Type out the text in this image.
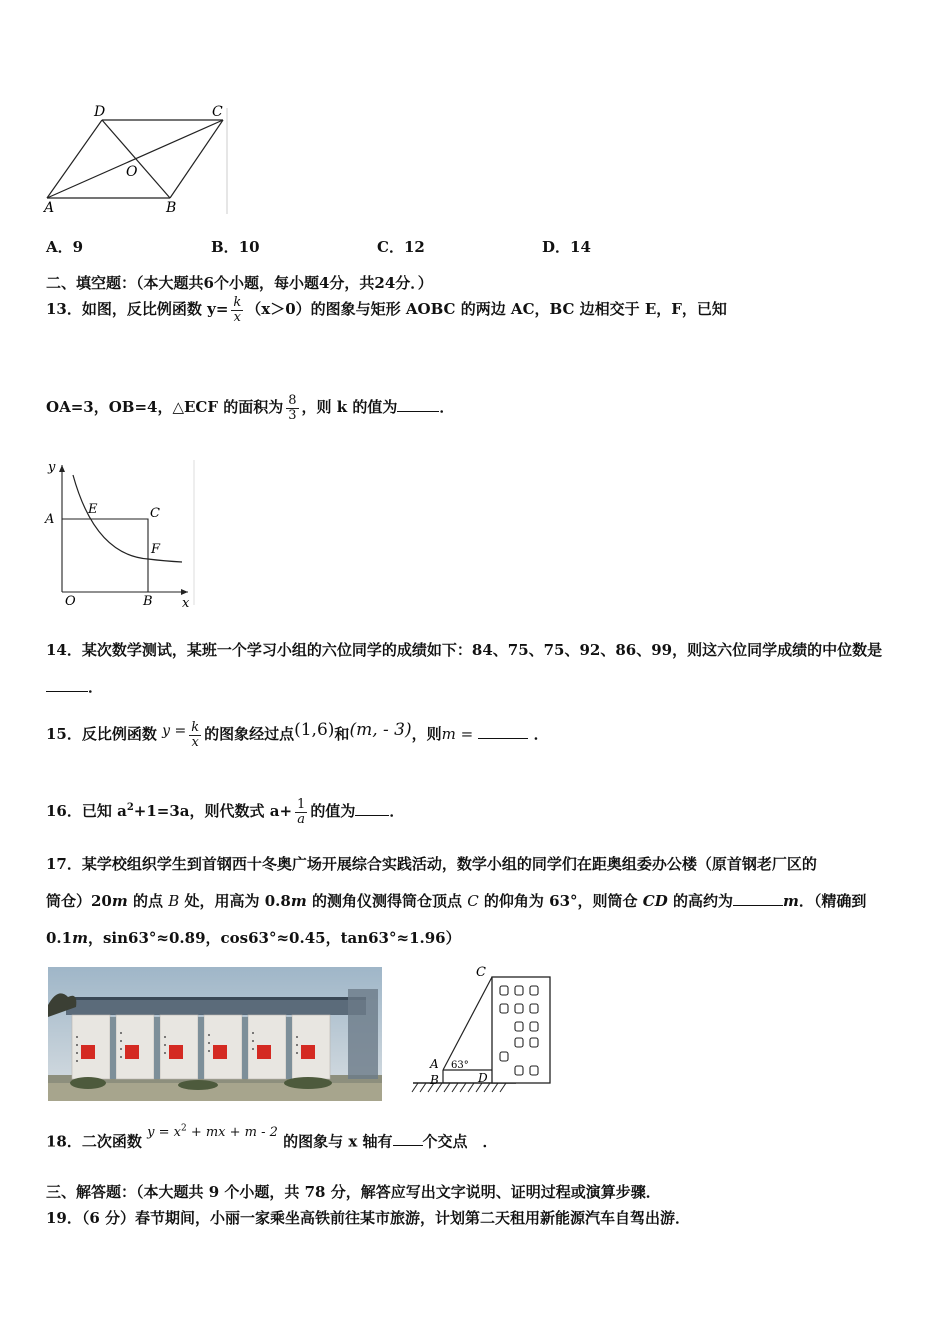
D	C
O
A	B
A．9	B．10	C．12	D．14
二、填空题：（本大题共6个小题，每小题4分，共24分．）
13．如图，反比例函数 $y= \frac{k}{x} (x>0)$的图象与矩形 AOBC 的两边 AC，BC 边相交于 E，F，已知
OA=3，OB=4，△ECF 的面积为 $\frac{8}{3}$ ，则 k 的值为	．
y
A
E	C
F
O	B x
14．某次数学测试，某班一个学习小组的六位同学的成绩如下：84、75、75、92、86、99，则这六位同学成绩的中位数是
．
15．反比例函数 $y = \frac{k}{x}$ 的图象经过点(1,6)和(m, - 3)，则m =	．
16．已知 $a^2+1=3a$，则代数式 $a+ \frac{1}{a}$ 的值为 ．
17．某学校组织学生到首钢西十冬奥广场开展综合实践活动，数学小组的同学们在距奥组委办公楼（原首钢老厂区的
筒仓）20m 的点 B 处，用高为 0.8m 的测角仪测得筒仓顶点 C 的仰角为 63°，则筒仓 CD 的高约为	m．（精确到
0.1m，sin63°≈0.89，cos63°≈0.45，tan63°≈1.96）
C
A
B	D
63°
18．二次函数 $y = x^2$ + mx + m - 2 的图象与 x 轴有 个交点　．
三、解答题：（本大题共 9 个小题，共 78 分，解答应写出文字说明、证明过程或演算步骤．
19．（6 分）春节期间，小丽一家乘坐高铁前往某市旅游，计划第二天租用新能源汽车自驾出游．
